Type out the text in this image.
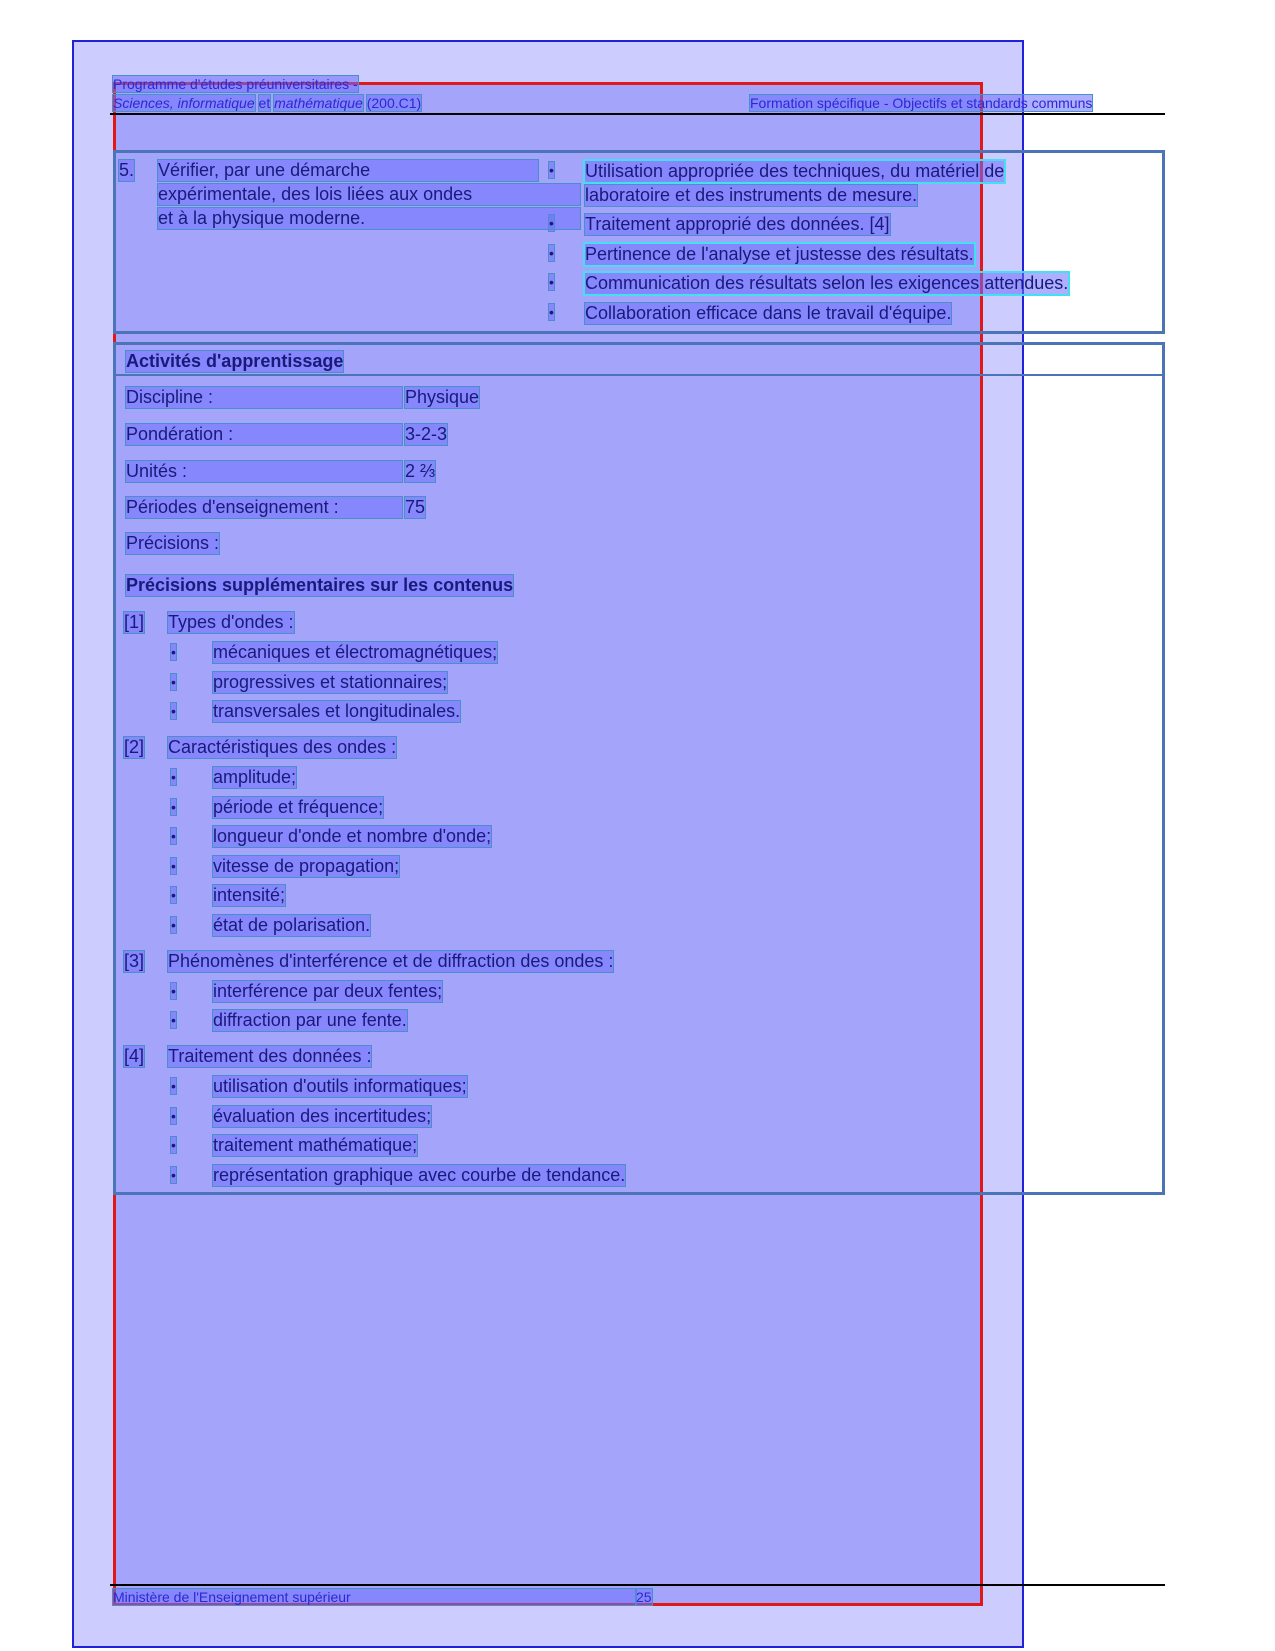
Programme d'études préuniversitaires -
Sciences, informatique et mathématique (200.C1)	Formation spécifique - Objectifs et standards communs
5. Vérifier, par une démarche
expérimentale, des lois liées aux ondes
et à la physique moderne.
• Utilisation appropriée des techniques, du matériel de
laboratoire et des instruments de mesure.
• Traitement approprié des données. [4]
• Pertinence de l'analyse et justesse des résultats.
• Communication des résultats selon les exigences attendues.
• Collaboration efficace dans le travail d'équipe.
Activités d'apprentissage
Discipline :	Physique
Pondération :	3-2-3
Unités :	2 ⅔
Périodes d'enseignement :	75
Précisions :
Précisions supplémentaires sur les contenus
[1] Types d'ondes :
• mécaniques et électromagnétiques;
• progressives et stationnaires;
• transversales et longitudinales.
[2] Caractéristiques des ondes :
• amplitude;
• période et fréquence;
• longueur d'onde et nombre d'onde;
• vitesse de propagation;
• intensité;
• état de polarisation.
[3] Phénomènes d'interférence et de diffraction des ondes :
• interférence par deux fentes;
• diffraction par une fente.
[4] Traitement des données :
• utilisation d'outils informatiques;
• évaluation des incertitudes;
• traitement mathématique;
• représentation graphique avec courbe de tendance.
Ministère de l'Enseignement supérieur	25
